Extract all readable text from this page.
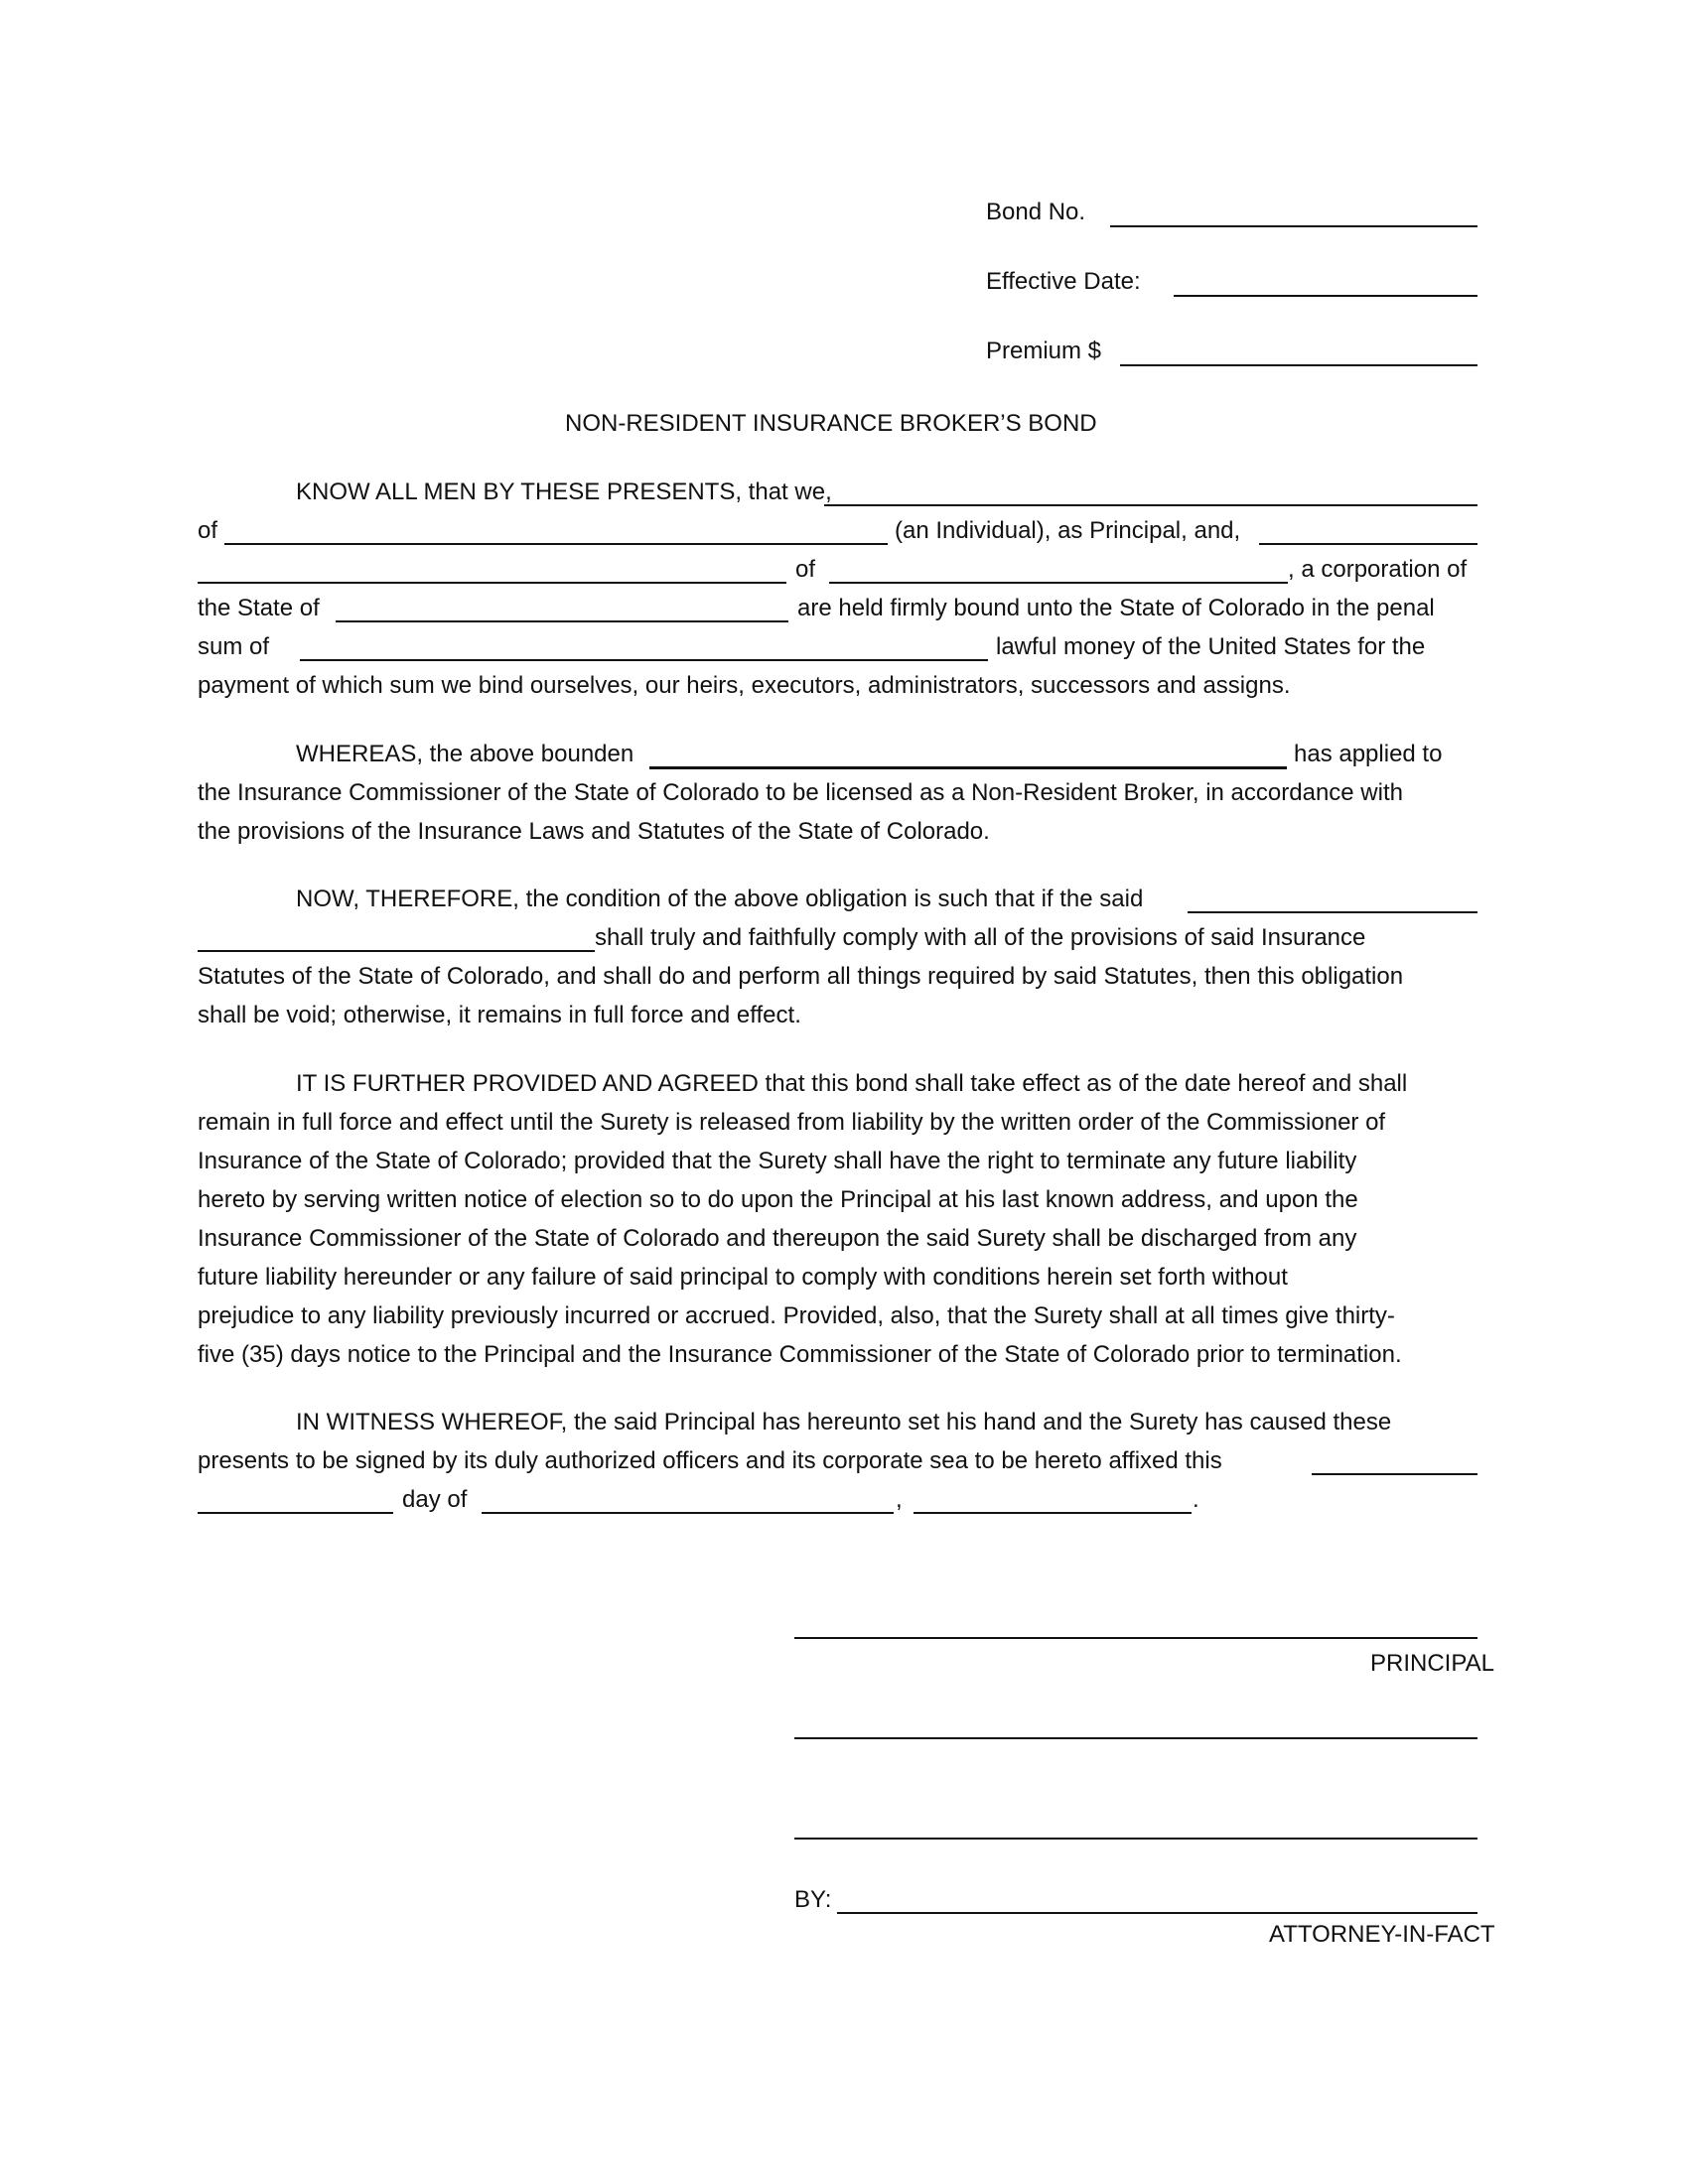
Bond No.
Effective Date:
Premium $
NON-RESIDENT INSURANCE BROKER’S BOND
KNOW ALL MEN BY THESE PRESENTS, that we,
of	(an Individual), as Principal, and,
of	, a corporation of
the State of	are held firmly bound unto the State of Colorado in the penal
sum of	lawful money of the United States for the
payment of which sum we bind ourselves, our heirs, executors, administrators, successors and assigns.
WHEREAS, the above bounden	has applied to
the Insurance Commissioner of the State of Colorado to be licensed as a Non-Resident Broker, in accordance with
the provisions of the Insurance Laws and Statutes of the State of Colorado.
NOW, THEREFORE, the condition of the above obligation is such that if the said
shall truly and faithfully comply with all of the provisions of said Insurance
Statutes of the State of Colorado, and shall do and perform all things required by said Statutes, then this obligation
shall be void; otherwise, it remains in full force and effect.
IT IS FURTHER PROVIDED AND AGREED that this bond shall take effect as of the date hereof and shall
remain in full force and effect until the Surety is released from liability by the written order of the Commissioner of
Insurance of the State of Colorado; provided that the Surety shall have the right to terminate any future liability
hereto by serving written notice of election so to do upon the Principal at his last known address, and upon the
Insurance Commissioner of the State of Colorado and thereupon the said Surety shall be discharged from any
future liability hereunder or any failure of said principal to comply with conditions herein set forth without
prejudice to any liability previously incurred or accrued. Provided, also, that the Surety shall at all times give thirty-
five (35) days notice to the Principal and the Insurance Commissioner of the State of Colorado prior to termination.
IN WITNESS WHEREOF, the said Principal has hereunto set his hand and the Surety has caused these
presents to be signed by its duly authorized officers and its corporate sea to be hereto affixed this
day of	,	.
PRINCIPAL
BY:
ATTORNEY-IN-FACT
